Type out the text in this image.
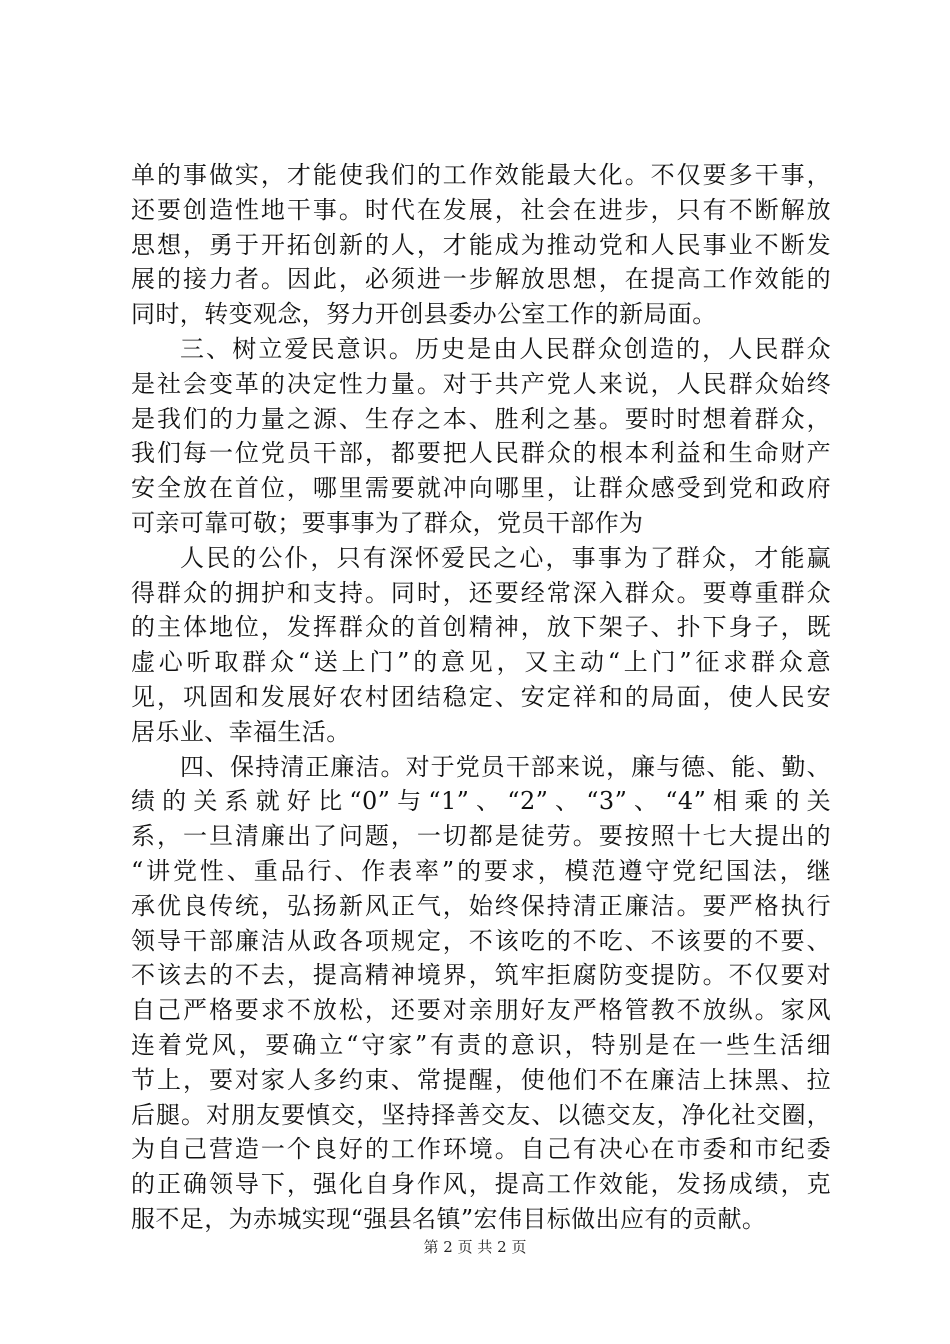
单的事做实，才能使我们的工作效能最大化。不仅要多干事，
还要创造性地干事。时代在发展，社会在进步，只有不断解放
思想，勇于开拓创新的人，才能成为推动党和人民事业不断发
展的接力者。因此，必须进一步解放思想，在提高工作效能的
同时，转变观念，努力开创县委办公室工作的新局面。
三、树立爱民意识。历史是由人民群众创造的，人民群众
是社会变革的决定性力量。对于共产党人来说，人民群众始终
是我们的力量之源、生存之本、胜利之基。要时时想着群众，
我们每一位党员干部，都要把人民群众的根本利益和生命财产
安全放在首位，哪里需要就冲向哪里，让群众感受到党和政府
可亲可靠可敬；要事事为了群众，党员干部作为
人民的公仆，只有深怀爱民之心，事事为了群众，才能赢
得群众的拥护和支持。同时，还要经常深入群众。要尊重群众
的主体地位，发挥群众的首创精神，放下架子、扑下身子，既
虚心听取群众“送上门”的意见，又主动“上门”征求群众意
见，巩固和发展好农村团结稳定、安定祥和的局面，使人民安
居乐业、幸福生活。
四、保持清正廉洁。对于党员干部来说，廉与德、能、勤、
绩的关系就好比“0”与“1”、“2”、“3”、“4”相乘的关
系，一旦清廉出了问题，一切都是徒劳。要按照十七大提出的
“讲党性、重品行、作表率”的要求，模范遵守党纪国法，继
承优良传统，弘扬新风正气，始终保持清正廉洁。要严格执行
领导干部廉洁从政各项规定，不该吃的不吃、不该要的不要、
不该去的不去，提高精神境界，筑牢拒腐防变提防。不仅要对
自己严格要求不放松，还要对亲朋好友严格管教不放纵。家风
连着党风，要确立“守家”有责的意识，特别是在一些生活细
节上，要对家人多约束、常提醒，使他们不在廉洁上抹黑、拉
后腿。对朋友要慎交，坚持择善交友、以德交友，净化社交圈，
为自己营造一个良好的工作环境。自己有决心在市委和市纪委
的正确领导下，强化自身作风，提高工作效能，发扬成绩，克
服不足，为赤城实现“强县名镇”宏伟目标做出应有的贡献。
第 2 页 共 2 页
